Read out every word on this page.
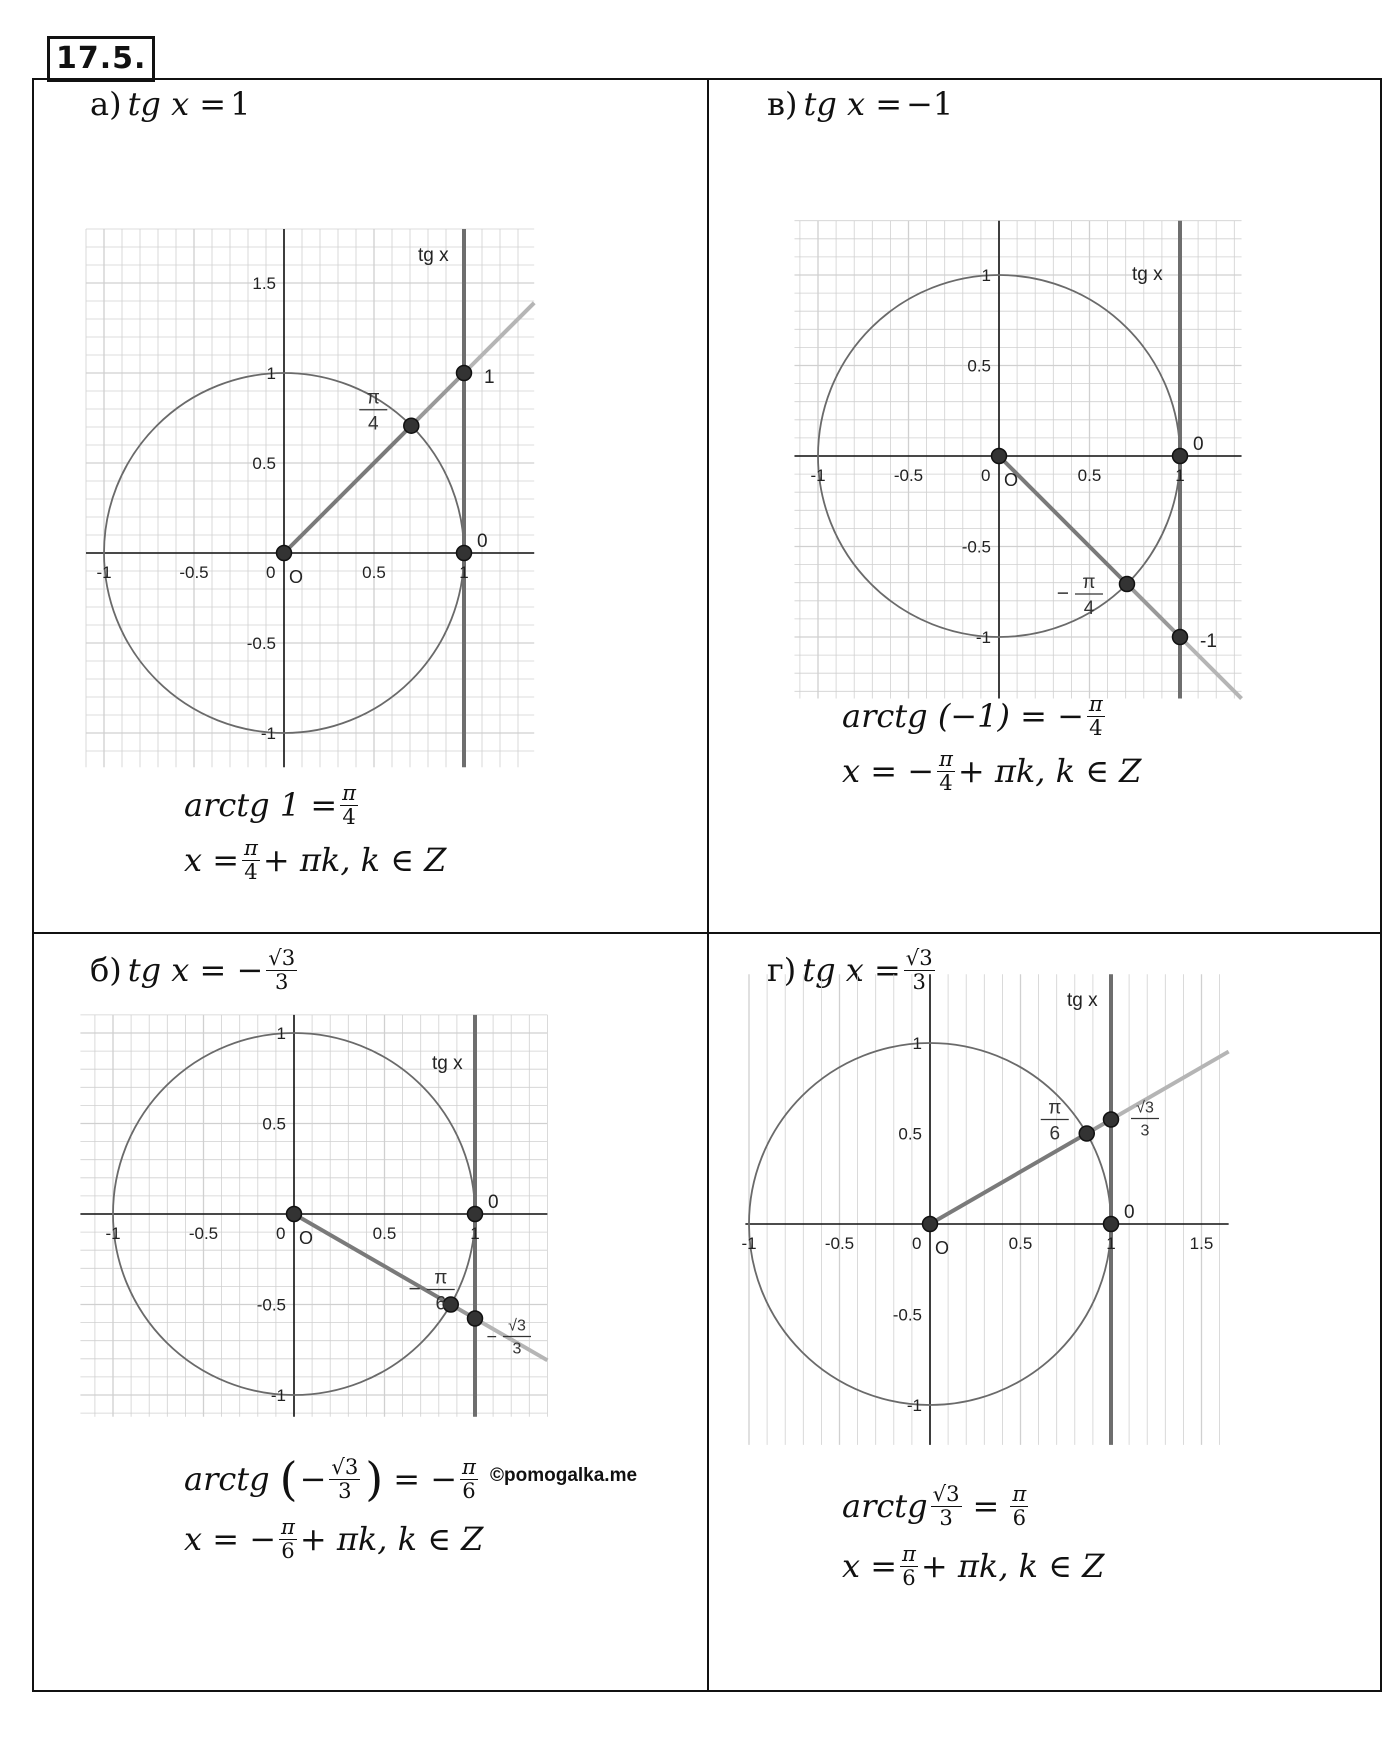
17.5.
а) tg x = 1
-1	-0.5	0	0.5	1
1.5
1
0.5
-0.5
-1
O
tg x
0
π
4
1
arctg $1 = \frac{\pi}{4}$
$x = \frac{\pi}{4} + \pi k$, k ∈ Z
в) tg x = −1
-1	-0.5	0	0.5	1
1
0.5
-0.5
-1
O
tg x
0
− π
4
-1
arctg (−1) = − $\frac{\pi}{4}$
x = − $\frac{\pi}{4} + \pi k$, k ∈ Z
б) tg x = − $\frac{√3}{3}$
-1	-0.5	0	0.5	1
1
0.5
-0.5
-1
O
tg x
0
− π
6
−
√3
3
arctg ( − $\frac{√3}{3}$ ) = − $\frac{\pi}{6}$
x = − $\frac{\pi}{6} + \pi k$, k ∈ Z
©pomogalka.me
г) tg $x = \frac{√3}{3}$
-1	-0.5	0	0.5	1	1.5
1
0.5
-0.5
-1
O
tg x
0
π
6
√3
3
arctg $\frac{√3}{3} = \frac{\pi}{6}$
$x = \frac{\pi}{6} + \pi k$, k ∈ Z
